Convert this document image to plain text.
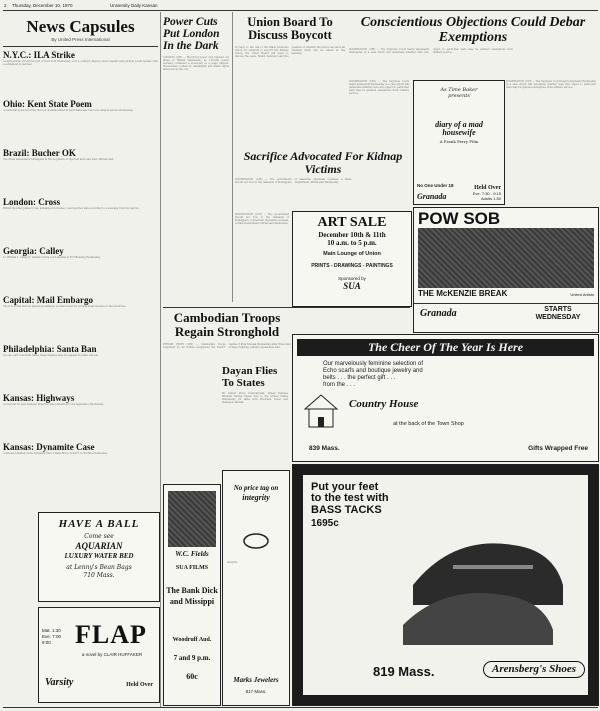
2 Thursday, December 10, 1970	University Daily Kansan
News Capsules
By United Press International
N.Y.C.: ILA Strike
Longshoremen struck the port of New York Wednesday over a contract dispute; union leaders said pickets would remain until a settlement is reached.
Ohio: Kent State Poem
A memorial poem honoring the four students killed at Kent State was read at a campus service Wednesday.
Brazil: Bucher OK
The Swiss ambassador kidnapped in Rio de Janeiro is reported alive and well, officials said.
London: Cross
British diplomat James Cross, kidnapped in Quebec, was reported safe according to a message from his captors.
Georgia: Calley
Lt. William L. Calley Jr. testified at his court-martial at Fort Benning Wednesday.
Capital: Mail Embargo
The U.S. Postal Service placed an embargo on mail bound for several areas because of the rail strike.
Philadelphia: Santa Ban
A local court ruled that Santa Claus displays may not appear in public schools.
Kansas: Highways
A proposal for new highway financing was presented to the legislature Wednesday.
Kansas: Dynamite Case
A witness testified in the dynamite trial of Dana Bruce Schnorr in Wichita Wednesday.
Power Cuts Put London In the Dark

LONDON (UPI) — Electrical power cuts blacked out areas of Britain Wednesday as 125,000 power workers continued a slowdown in a wage dispute. Housewives cooked by candlelight and traffic lights failed across the city.

Union Board To Discuss Boycott

In reply to the call of the Black Graduate Union for students to boycott the Kansas Union, the Union Board will meet to discuss the issue. Board members said the question of whether the Union can serve all students fairly will be raised at the meeting.

Conscientious Objections Could Debar Exemptions

WASHINGTON (UPI) — The Supreme Court heard arguments Wednesday in a case which will determine whether men who object to particular wars may be granted exemptions from military service.

As Time Baker
presents
diary of a mad housewife
A Frank Perry Film
No One Under 18	Held Over
Eve. 7:30 - 9:15
Adults 1.50
Granada

WASHINGTON (UPI) — The Supreme Court heard arguments Wednesday in a case which will determine whether men who object to particular wars may be granted exemptions from military service.

WASHINGTON (UPI) — The Supreme Court heard arguments Wednesday in a case which will determine whether men who object to particular wars may be granted exemptions from military service.

Sacrifice Advocated For Kidnap Victims

WASHINGTON (UPI) — The government should not bow to the demands of kidnappers of American diplomats overseas, a State Department official said Wednesday.

WASHINGTON (UPI) — The government should not bow to the demands of kidnappers of American diplomats overseas, a State Department official said Wednesday.	ART SALE
December 10th & 11th
10 a.m. to 5 p.m.
Main Lounge of Union
PRINTS - DRAWINGS - PAINTINGS
Sponsored by
SUA
POW SOB
THE McKENZIE BREAK	United Artists
Granada	STARTS WEDNESDAY
Cambodian Troops Regain Stronghold

PHNOM PENH (UPI) — Cambodian troops supported by air strikes recaptured the district capital of Prek Tameak Wednesday after three days of heavy fighting, military spokesmen said.

Dayan Flies To States

By United Press International. Israeli Defense Minister Moshe Dayan flew to the United States Wednesday for talks with President Nixon and Pentagon officials.

The Cheer Of The Year Is Here
Our marvelously feminine selection of
Echo scarfs and boutique jewelry and
belts . . . the perfect gift . . .
from the . . .
Country House
at the back of the Town Shop
839 Mass.	Gifts Wrapped Free
HAVE A BALL
Come see
AQUARIAN
LUXURY WATER BED
at Lenny's Bean Bags
710 Mass.
Mat. 1:30 Eve. 7:00 9:00 FLAP
a novel by CLAIR HUFFAKER
Varsity	Held Over
W.C. Fields
SUA FILMS
The Bank Dick and Missippi
Woodruff Aud.
7 and 9 p.m.
60c
No price tag on
integrity

integrity

Marks Jewelers
817 Mass.
Put your feet
to the test with
BASS TACKS
1695c
819 Mass.	Arensberg's Shoes
